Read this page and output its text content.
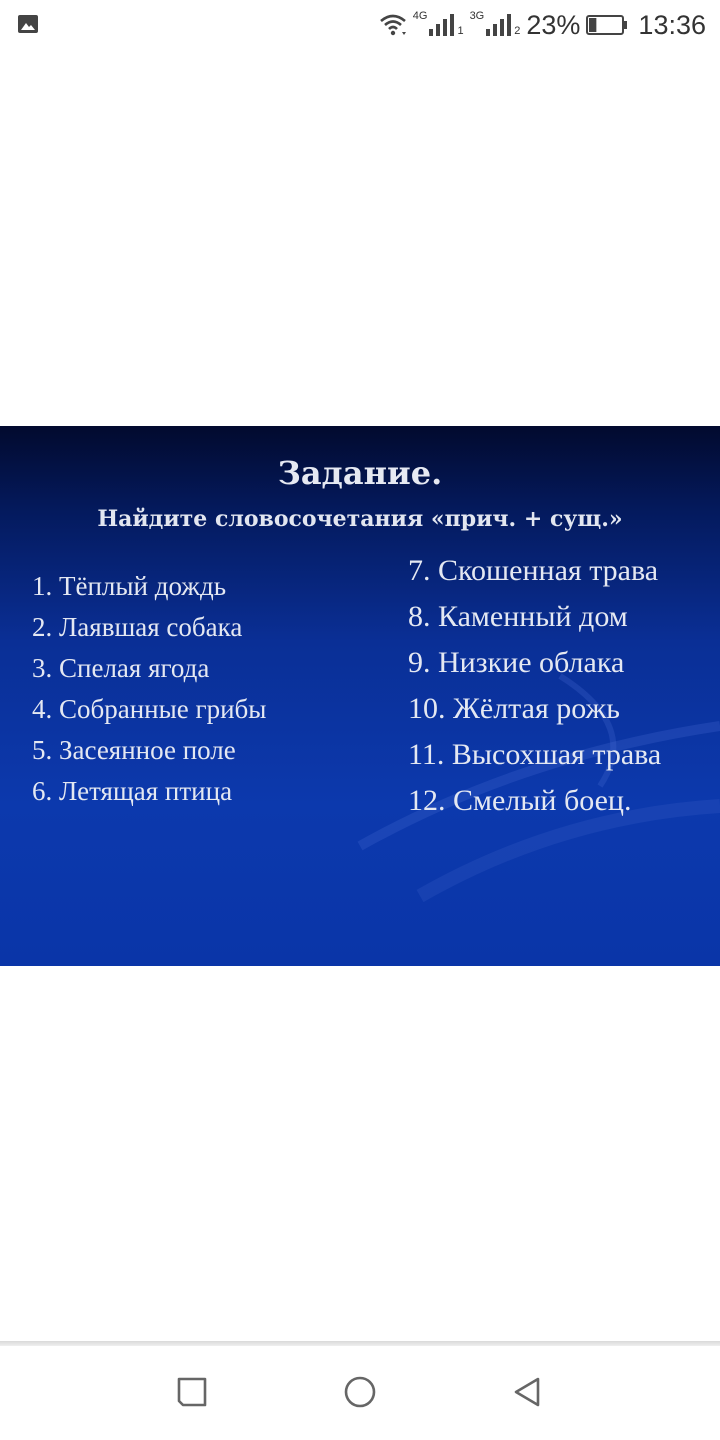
4G
1
3G
2 23% 13:36
Задание.
Найдите словосочетания «прич. + сущ.»
1. Тёплый дождь
2. Лаявшая собака
3. Спелая ягода
4. Собранные грибы
5. Засеянное поле
6. Летящая птица
7. Скошенная трава
8. Каменный дом
9. Низкие облака
10. Жёлтая рожь
11. Высохшая трава
12. Смелый боец.
